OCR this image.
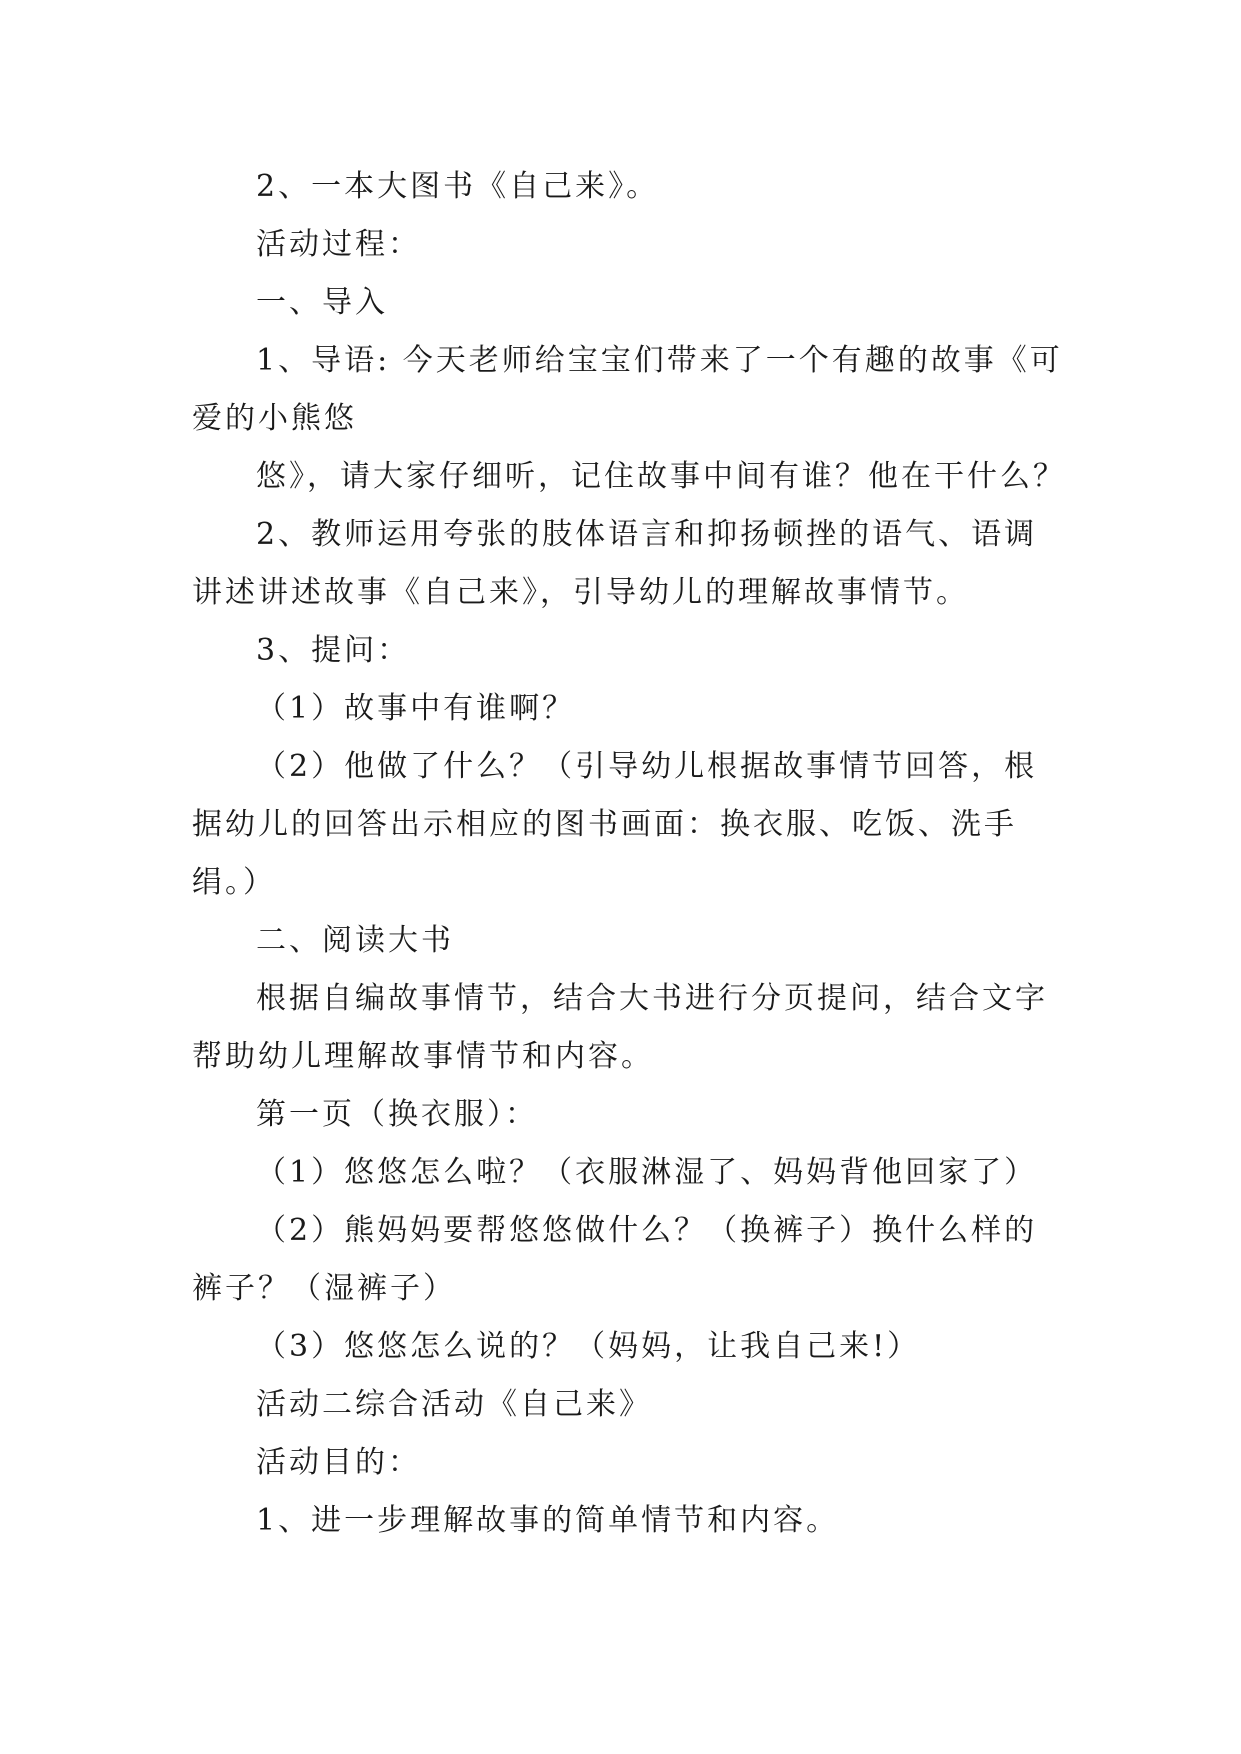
2、一本大图书《自己来》。

活动过程：

一、导入

1、导语: 今天老师给宝宝们带来了一个有趣的故事《可

爱的小熊悠

悠》，请大家仔细听，记住故事中间有谁？他在干什么？

2、教师运用夸张的肢体语言和抑扬顿挫的语气、语调

讲述讲述故事《自己来》，引导幼儿的理解故事情节。

3、提问：

（1）故事中有谁啊？

（2）他做了什么？（引导幼儿根据故事情节回答，根

据幼儿的回答出示相应的图书画面：换衣服、吃饭、洗手

绢。）

二、阅读大书

根据自编故事情节，结合大书进行分页提问，结合文字

帮助幼儿理解故事情节和内容。

第一页（换衣服）：

（1）悠悠怎么啦？（衣服淋湿了、妈妈背他回家了）

（2）熊妈妈要帮悠悠做什么？（换裤子）换什么样的

裤子？（湿裤子）

（3）悠悠怎么说的？（妈妈，让我自己来!）

活动二综合活动《自己来》

活动目的：

1、进一步理解故事的简单情节和内容。
